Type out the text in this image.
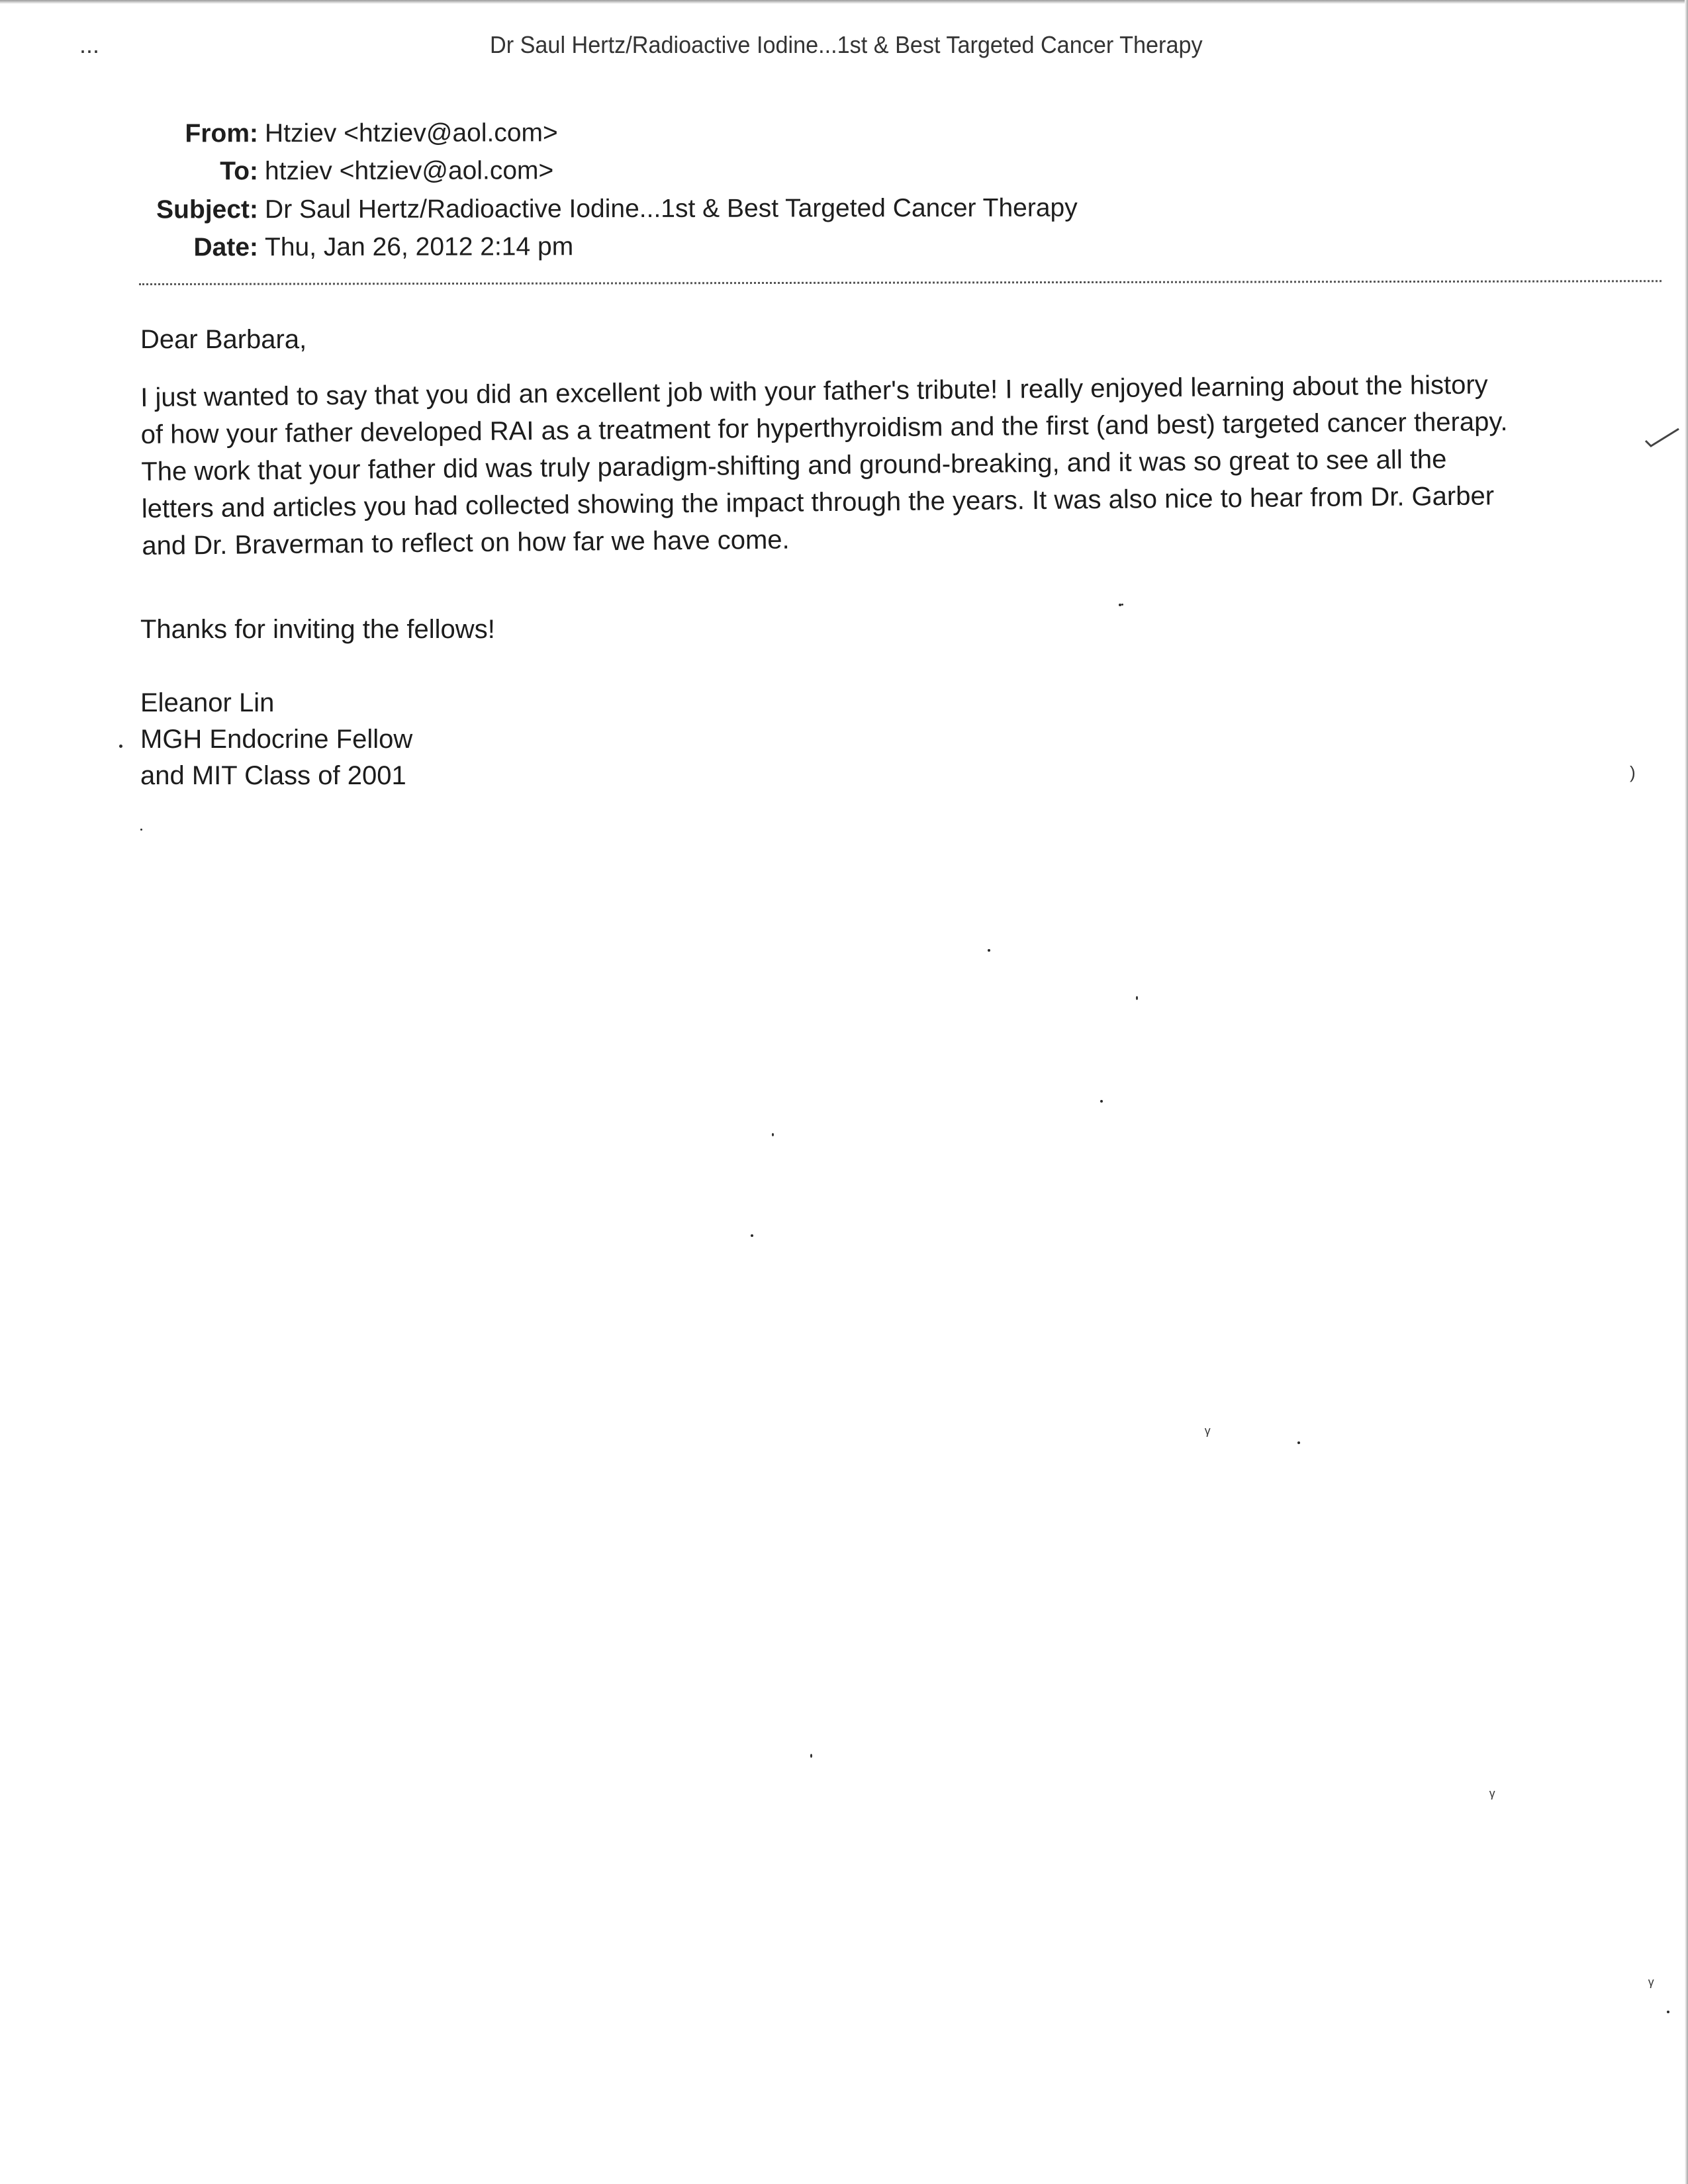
...	Dr Saul Hertz/Radioactive Iodine...1st & Best Targeted Cancer Therapy
From: Htziev <htziev@aol.com>
To: htziev <htziev@aol.com>
Subject: Dr Saul Hertz/Radioactive Iodine...1st & Best Targeted Cancer Therapy
Date: Thu, Jan 26, 2012 2:14 pm
Dear Barbara,
I just wanted to say that you did an excellent job with your father's tribute! I really enjoyed learning about the history
of how your father developed RAI as a treatment for hyperthyroidism and the first (and best) targeted cancer therapy.
The work that your father did was truly paradigm-shifting and ground-breaking, and it was so great to see all the
letters and articles you had collected showing the impact through the years. It was also nice to hear from Dr. Garber
and Dr. Braverman to reflect on how far we have come.
Thanks for inviting the fellows!
Eleanor Lin
MGH Endocrine Fellow
and MIT Class of 2001
ᵧ
ᵧ
ᵧ
)
